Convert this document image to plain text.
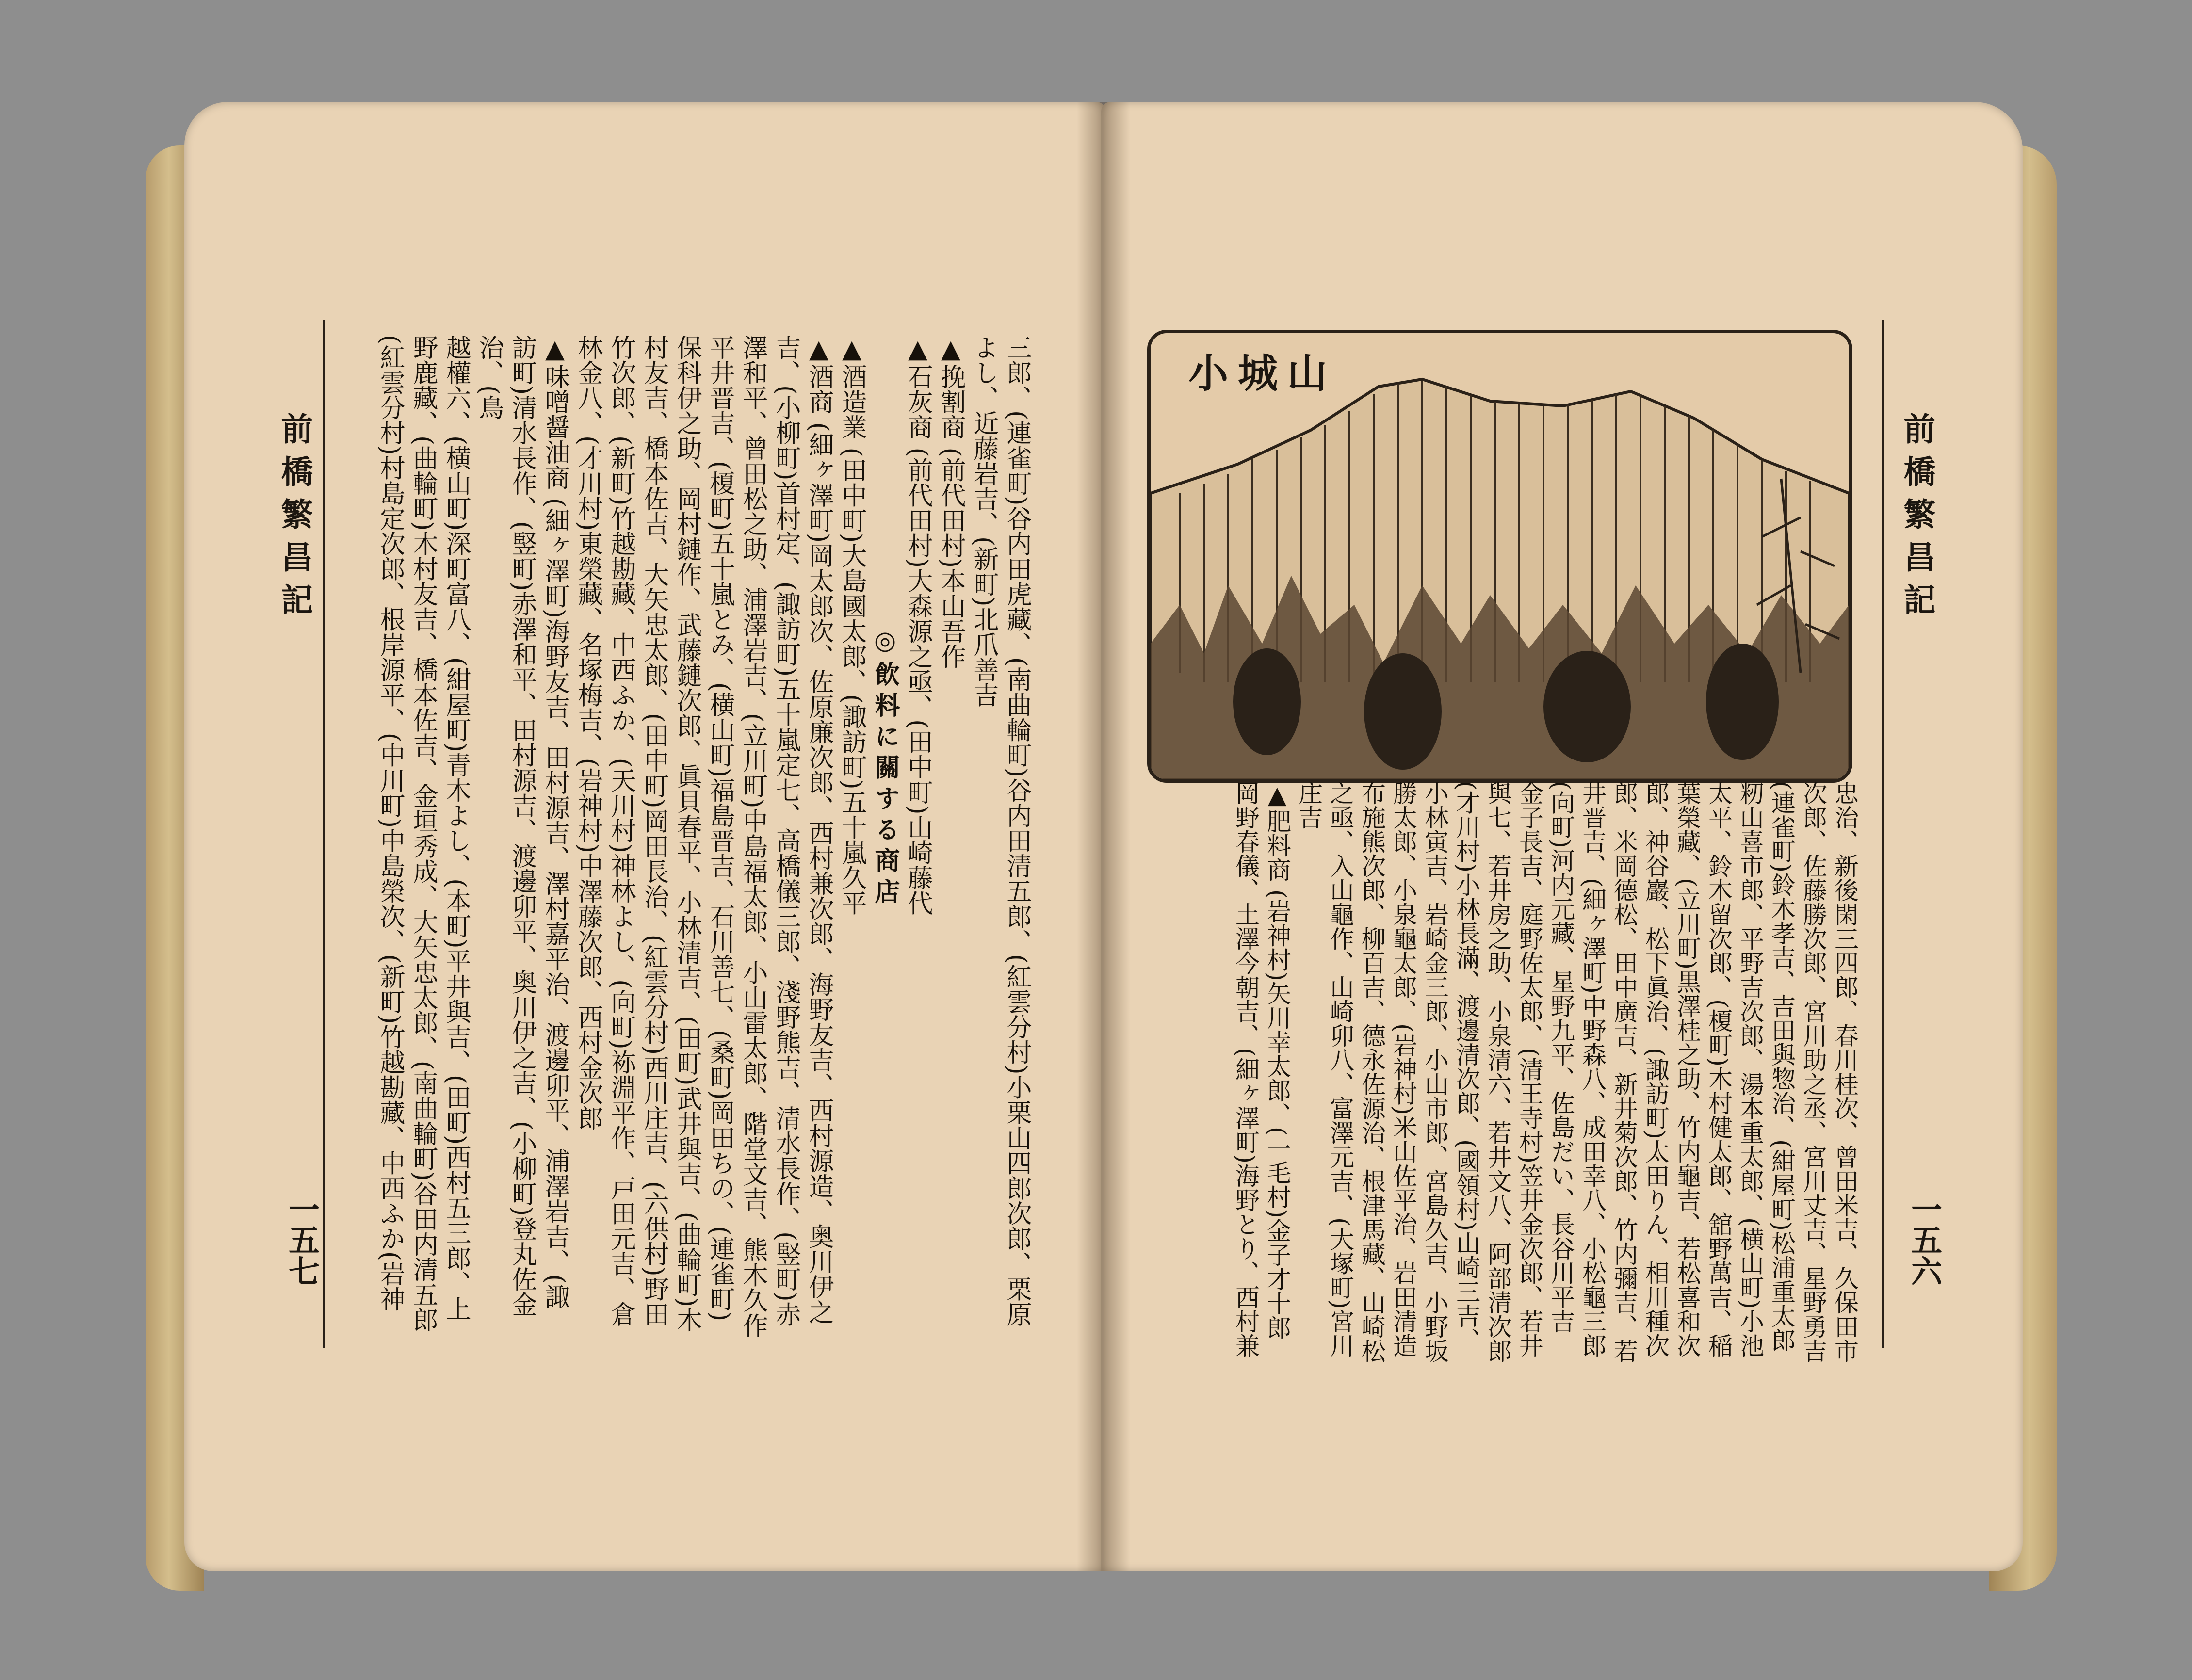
前橋繁昌記
一五七	三郎、(連雀町)谷内田虎藏、(南曲輪町)谷内田清五郎、(紅雲分村)小栗山四郎次郎、栗原

よし、近藤岩吉、(新町)北爪善吉

▲挽割商 (前代田村)本山吾作

▲石灰商 (前代田村)大森源之亟、(田中町)山崎藤代

◎飲料に關する商店

▲酒造業 (田中町)大島國太郎、(諏訪町)五十嵐久平

▲酒商 (細ヶ澤町)岡太郎次、佐原廉次郎、西村兼次郎、海野友吉、西村源造、奥川伊之

吉、(小柳町)首村定、(諏訪町)五十嵐定七、高橋儀三郎、淺野熊吉、清水長作、(竪町)赤

澤和平、曾田松之助、浦澤岩吉、(立川町)中島福太郎、小山雷太郎、階堂文吉、熊木久作

平井晋吉、(榎町)五十嵐とみ、(横山町)福島晋吉、石川善七、(桑町)岡田ちの、(連雀町)

保科伊之助、岡村鏈作、武藤鏈次郎、眞貝春平、小林清吉、(田町)武井與吉、(曲輪町)木

村友吉、橋本佐吉、大矢忠太郎、(田中町)岡田長治、(紅雲分村)西川庄吉、(六供村)野田

竹次郎、(新町)竹越勘藏、中西ふか、(天川村)神林よし、(向町)袮淵平作、戸田元吉、倉

林金八、(才川村)東榮藏、名塚梅吉、(岩神村)中澤藤次郎、西村金次郎

▲味噌醤油商 (細ヶ澤町)海野友吉、田村源吉、澤村嘉平治、渡邊卯平、浦澤岩吉、(諏

訪町)清水長作、(竪町)赤澤和平、田村源吉、渡邊卯平、奥川伊之吉、(小柳町)登丸佐金治、(鳥

越權六、(横山町)深町富八、(紺屋町)青木よし、(本町)平井與吉、(田町)西村五三郎、上

野鹿藏、(曲輪町)木村友吉、橋本佐吉、金垣秀成、大矢忠太郎、(南曲輪町)谷田内清五郎

(紅雲分村)村島定次郎、根岸源平、(中川町)中島榮次、(新町)竹越勘藏、中西ふか(岩神	小城山
前橋繁昌記
一五六

忠治、新後閑三四郎、春川桂次、曾田米吉、久保田市

次郎、佐藤勝次郎、宮川助之丞、宮川丈吉、星野勇吉

(連雀町)鈴木孝吉、吉田與惣治、(紺屋町)松浦重太郎

籾山喜市郎、平野吉次郎、湯本重太郎、(横山町)小池

太平、鈴木留次郎、(榎町)木村健太郎、舘野萬吉、稲

葉榮藏、(立川町)黒澤桂之助、竹内龜吉、若松喜和次

郎、神谷巖、松下眞治、(諏訪町)太田りん、相川種次

郎、米岡德松、田中廣吉、新井菊次郎、竹内彌吉、若

井晋吉、(細ヶ澤町)中野森八、成田幸八、小松龜三郎

(向町)河内元藏、星野九平、佐島だい、長谷川平吉

金子長吉、庭野佐太郎、(清王寺村)笠井金次郎、若井

與七、若井房之助、小泉清六、若井文八、阿部清次郎

(才川村)小林長滿、渡邊清次郎、(國領村)山崎三吉、

小林寅吉、岩崎金三郎、小山市郎、宮島久吉、小野坂

勝太郎、小泉龜太郎、(岩神村)米山佐平治、岩田清造

布施熊次郎、柳百吉、德永佐源治、根津馬藏、山崎松

之亟、入山龜作、山崎卯八、富澤元吉、(大塚町)宮川

庄吉

▲肥料商 (岩神村)矢川幸太郎、(一毛村)金子才十郎

岡野春儀、土澤今朝吉、(細ヶ澤町)海野とり、西村兼
